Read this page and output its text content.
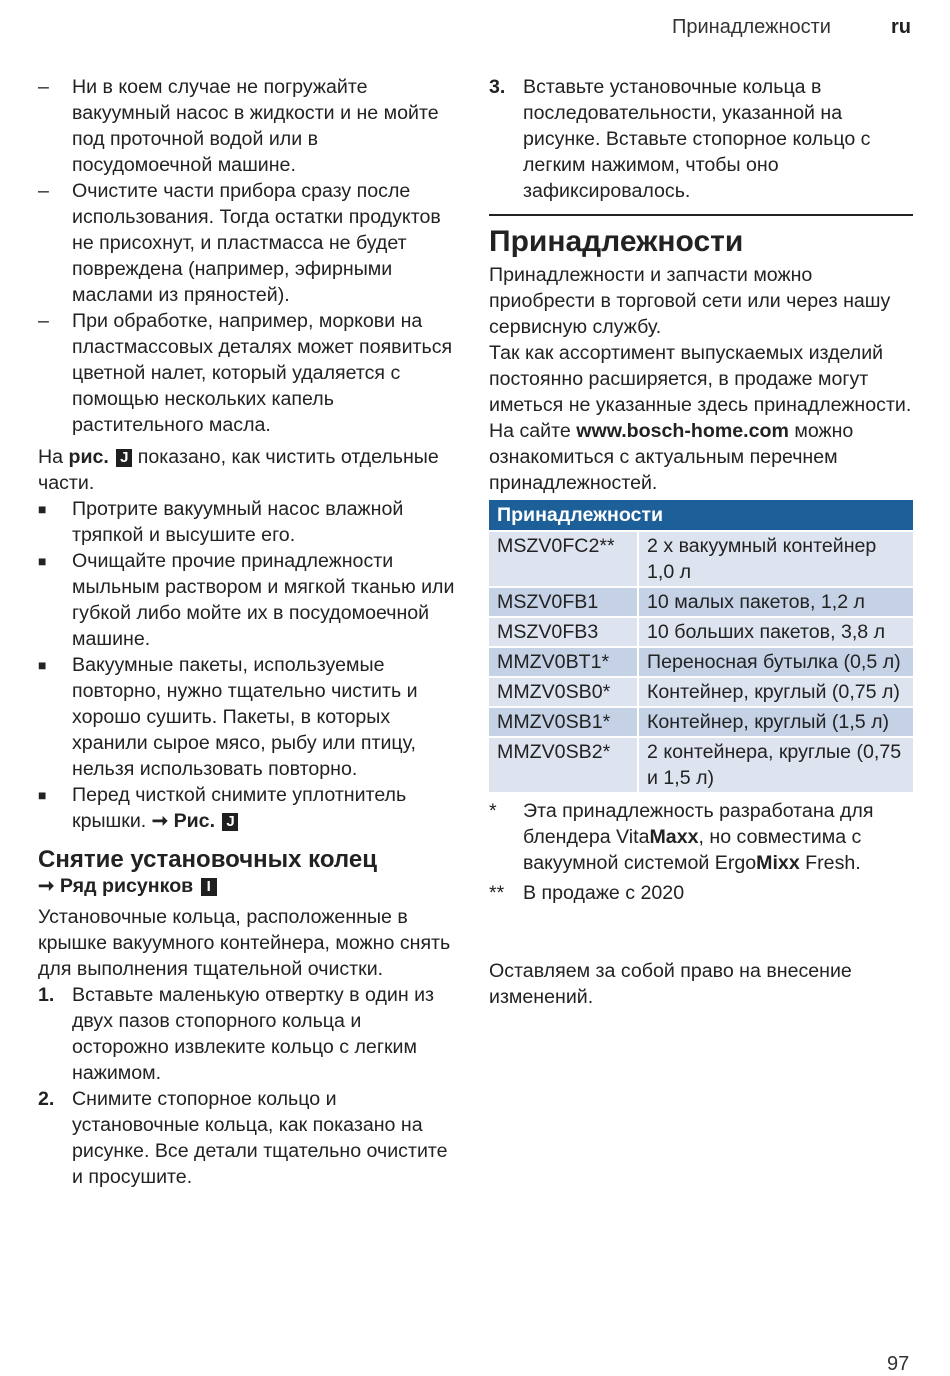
Принадлежности	ru
–	Ни в коем случае не погружайте вакуумный насос в жидкости и не мойте под проточной водой или в посудомоечной машине.
–	Очистите части прибора сразу после использования. Тогда остатки продуктов не присохнут, и пластмасса не будет повреждена (например, эфирными маслами из пряностей).
–	При обработке, например, моркови на пластмассовых деталях может появиться цветной налет, который удаляется с помощью нескольких капель растительного масла.
На рис. J показано, как чистить отдельные части.
■	Протрите вакуумный насос влажной тряпкой и высушите его.
■	Очищайте прочие принадлежности мыльным раствором и мягкой тканью или губкой либо мойте их в посудомоечной машине.
■	Вакуумные пакеты, используемые повторно, нужно тщательно чистить и хорошо сушить. Пакеты, в которых хранили сырое мясо, рыбу или птицу, нельзя использовать повторно.
■	Перед чисткой снимите уплотнитель крышки. ➞ Рис. J
Снятие установочных колец
➞ Ряд рисунков I
Установочные кольца, расположенные в крышке вакуумного контейнера, можно снять для выполнения тщательной очистки.
1. Вставьте маленькую отвертку в один из двух пазов стопорного кольца и осторожно извлеките кольцо с легким нажимом.
2. Снимите стопорное кольцо и установочные кольца, как показано на рисунке. Все детали тщательно очистите и просушите.
3. Вставьте установочные кольца в последовательности, указанной на рисунке. Вставьте стопорное кольцо с легким нажимом, чтобы оно зафиксировалось.
Принадлежности
Принадлежности и запчасти можно приобрести в торговой сети или через нашу сервисную службу.
Так как ассортимент выпускаемых изделий постоянно расширяется, в продаже могут иметься не указанные здесь принадлежности. На сайте www.bosch-home.com можно ознакомиться с актуальным перечнем принадлежностей.
Принадлежности	
MSZV0FC2**	2 x вакуумный контейнер 1,0 л
MSZV0FB1	10 малых пакетов, 1,2 л
MSZV0FB3	10 больших пакетов, 3,8 л
MMZV0BT1*	Переносная бутылка (0,5 л)
MMZV0SB0*	Контейнер, круглый (0,75 л)
MMZV0SB1*	Контейнер, круглый (1,5 л)
MMZV0SB2*	2 контейнера, круглые (0,75 и 1,5 л)
*	Эта принадлежность разработана для блендера VitaMaxx, но совместима с вакуумной системой ErgoMixx Fresh.
** В продаже с 2020
Оставляем за собой право на внесение изменений.
97
